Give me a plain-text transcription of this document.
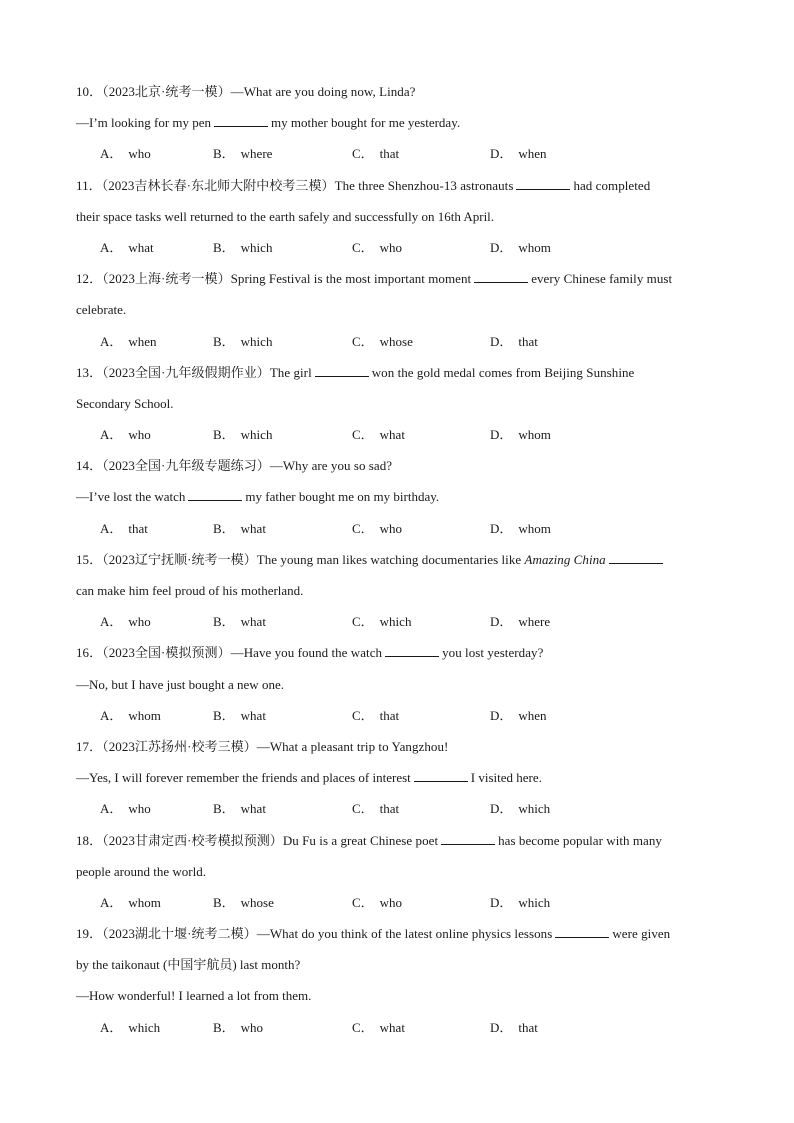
10．（2023北京·统考一模）—What are you doing now, Linda?
—I’m looking for my pen	my mother bought for me yesterday.
A． who	B． where	C． that	D． when
11．（2023吉林长春·东北师大附中校考三模）The three Shenzhou-13 astronauts	had completed
their space tasks well returned to the earth safely and successfully on 16th April.
A． what	B． which	C． who	D． whom
12．（2023上海·统考一模）Spring Festival is the most important moment	every Chinese family must
celebrate.
A． when	B． which	C． whose	D． that
13．（2023全国·九年级假期作业）The girl	won the gold medal comes from Beijing Sunshine
Secondary School.
A． who	B． which	C． what	D． whom
14．（2023全国·九年级专题练习）—Why are you so sad?
—I’ve lost the watch	my father bought me on my birthday.
A． that	B． what	C． who	D． whom
15．（2023辽宁抚顺·统考一模）The young man likes watching documentaries like Amazing China
can make him feel proud of his motherland.
A． who	B． what	C． which	D． where
16．（2023全国·模拟预测）—Have you found the watch	you lost yesterday?
—No, but I have just bought a new one.
A． whom	B． what	C． that	D． when
17．（2023江苏扬州·校考三模）—What a pleasant trip to Yangzhou!
—Yes, I will forever remember the friends and places of interest	I visited here.
A． who	B． what	C． that	D． which
18．（2023甘肃定西·校考模拟预测）Du Fu is a great Chinese poet	has become popular with many
people around the world.
A． whom	B． whose	C． who	D． which
19．（2023湖北十堰·统考二模）—What do you think of the latest online physics lessons	were given
by the taikonaut (中国宇航员) last month?
—How wonderful! I learned a lot from them.
A． which	B． who	C． what	D． that
